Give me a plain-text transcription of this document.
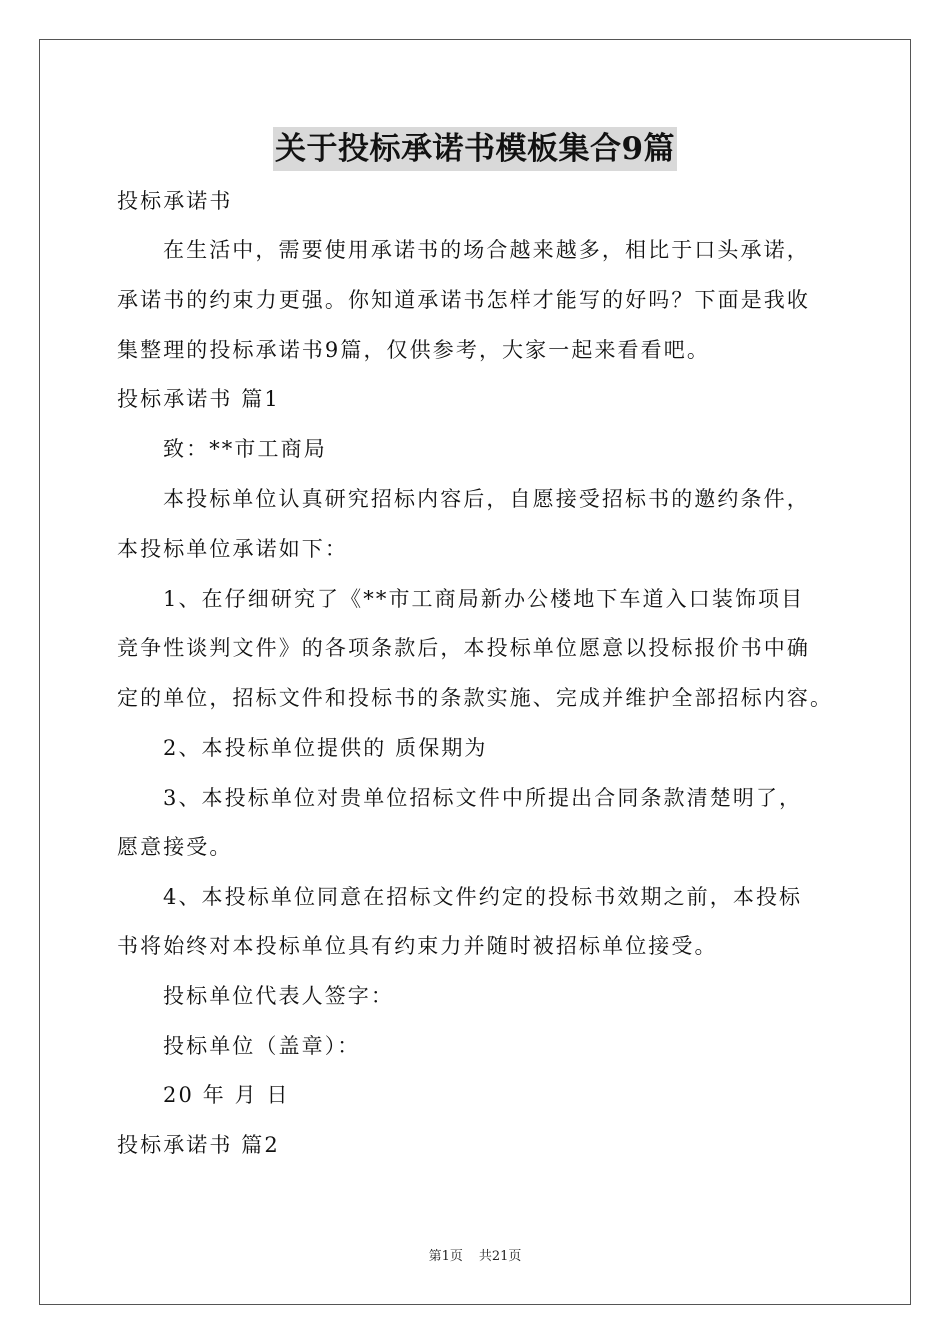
关于投标承诺书模板集合9篇
投标承诺书
在生活中，需要使用承诺书的场合越来越多，相比于口头承诺，
承诺书的约束力更强。你知道承诺书怎样才能写的好吗？下面是我收
集整理的投标承诺书9篇，仅供参考，大家一起来看看吧。
投标承诺书 篇1
致：**市工商局
本投标单位认真研究招标内容后，自愿接受招标书的邀约条件，
本投标单位承诺如下：
1、在仔细研究了《**市工商局新办公楼地下车道入口装饰项目
竞争性谈判文件》的各项条款后，本投标单位愿意以投标报价书中确
定的单位，招标文件和投标书的条款实施、完成并维护全部招标内容。
2、本投标单位提供的 质保期为
3、本投标单位对贵单位招标文件中所提出合同条款清楚明了，
愿意接受。
4、本投标单位同意在招标文件约定的投标书效期之前，本投标
书将始终对本投标单位具有约束力并随时被招标单位接受。
投标单位代表人签字：
投标单位（盖章）：
20 年 月 日
投标承诺书 篇2
第1页 共21页
